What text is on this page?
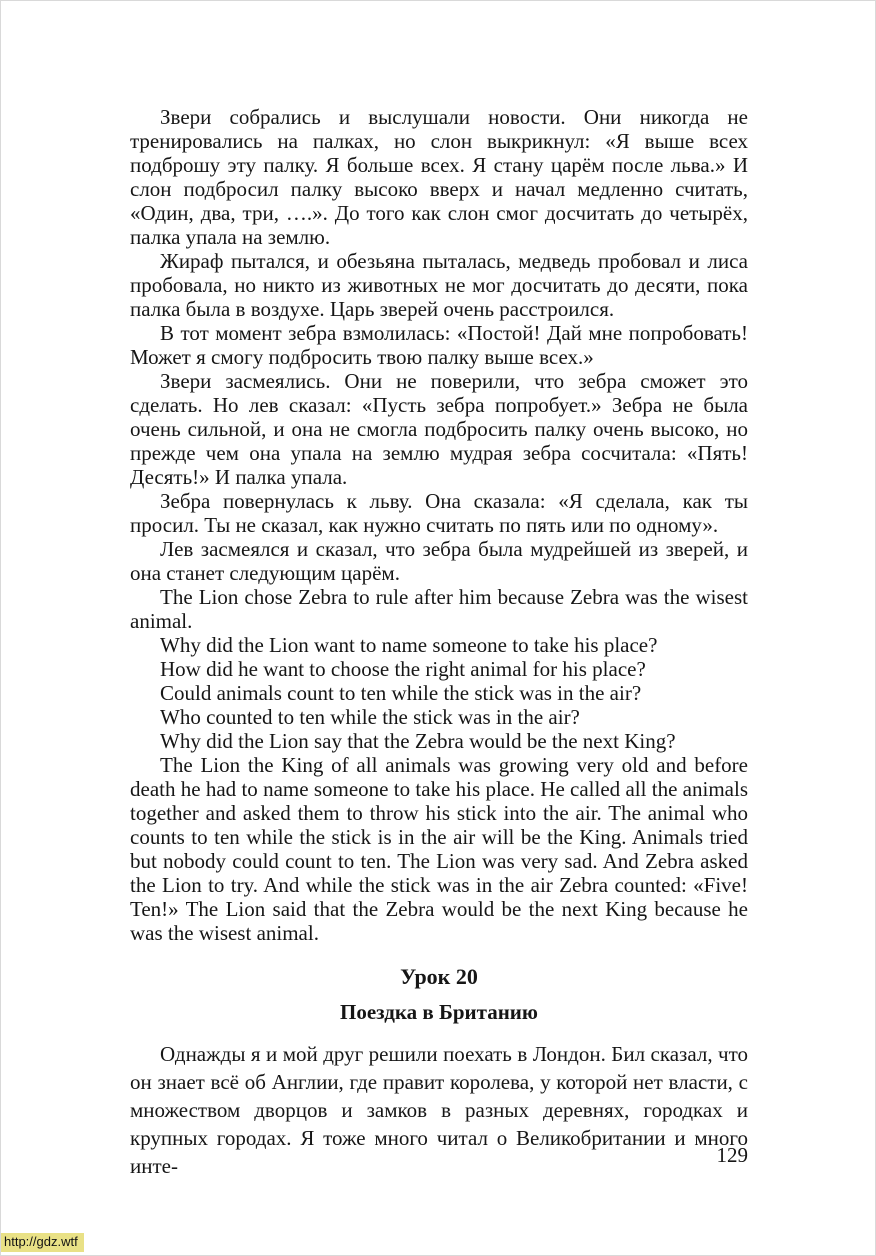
Звери собрались и выслушали новости. Они никогда не тренировались на палках, но слон выкрикнул: «Я выше всех подброшу эту палку. Я больше всех. Я стану царём после льва.» И слон подбросил палку высоко вверх и начал медленно считать, «Один, два, три, ….». До того как слон смог досчитать до четырёх, палка упала на землю.

Жираф пытался, и обезьяна пыталась, медведь пробовал и лиса пробовала, но никто из животных не мог досчитать до десяти, пока палка была в воздухе. Царь зверей очень расстроился.

В тот момент зебра взмолилась: «Постой! Дай мне попробовать! Может я смогу подбросить твою палку выше всех.»

Звери засмеялись. Они не поверили, что зебра сможет это сделать. Но лев сказал: «Пусть зебра попробует.» Зебра не была очень сильной, и она не смогла подбросить палку очень высоко, но прежде чем она упала на землю мудрая зебра сосчитала: «Пять! Десять!» И палка упала.

Зебра повернулась к льву. Она сказала: «Я сделала, как ты просил. Ты не сказал, как нужно считать по пять или по одному».

Лев засмеялся и сказал, что зебра была мудрейшей из зверей, и она станет следующим царём.

The Lion chose Zebra to rule after him because Zebra was the wisest animal.

Why did the Lion want to name someone to take his place?

How did he want to choose the right animal for his place?

Could animals count to ten while the stick was in the air?

Who counted to ten while the stick was in the air?

Why did the Lion say that the Zebra would be the next King?

The Lion the King of all animals was growing very old and before death he had to name someone to take his place. He called all the animals together and asked them to throw his stick into the air. The animal who counts to ten while the stick is in the air will be the King. Animals tried but nobody could count to ten. The Lion was very sad. And Zebra asked the Lion to try. And while the stick was in the air Zebra counted: «Five! Ten!» The Lion said that the Zebra would be the next King because he was the wisest animal.

Урок 20
Поездка в Британию

Однажды я и мой друг решили поехать в Лондон. Бил сказал, что он знает всё об Англии, где правит королева, у которой нет власти, с множеством дворцов и замков в разных деревнях, городках и крупных городах. Я тоже много читал о Великобритании и много инте-	129
http://gdz.wtf
